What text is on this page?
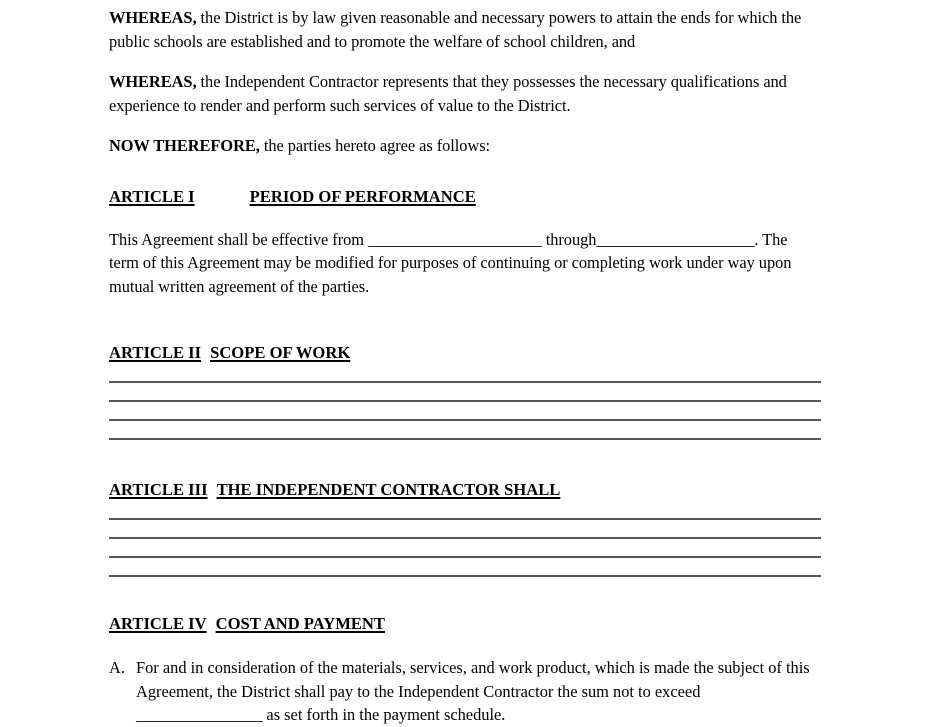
WHEREAS, the District is by law given reasonable and necessary powers to attain the ends for which the public schools are established and to promote the welfare of school children, and

WHEREAS, the Independent Contractor represents that they possesses the necessary qualifications and experience to render and perform such services of value to the District.

NOW THEREFORE, the parties hereto agree as follows:

ARTICLE I	PERIOD OF PERFORMANCE

This Agreement shall be effective from ______________________ through____________________. The term of this Agreement may be modified for purposes of continuing or completing work under way upon mutual written agreement of the parties.

ARTICLE II SCOPE OF WORK
ARTICLE III THE INDEPENDENT CONTRACTOR SHALL
ARTICLE IV COST AND PAYMENT
A. For and in consideration of the materials, services, and work product, which is made the subject of this Agreement, the District shall pay to the Independent Contractor the sum not to exceed ________________ as set forth in the payment schedule.
